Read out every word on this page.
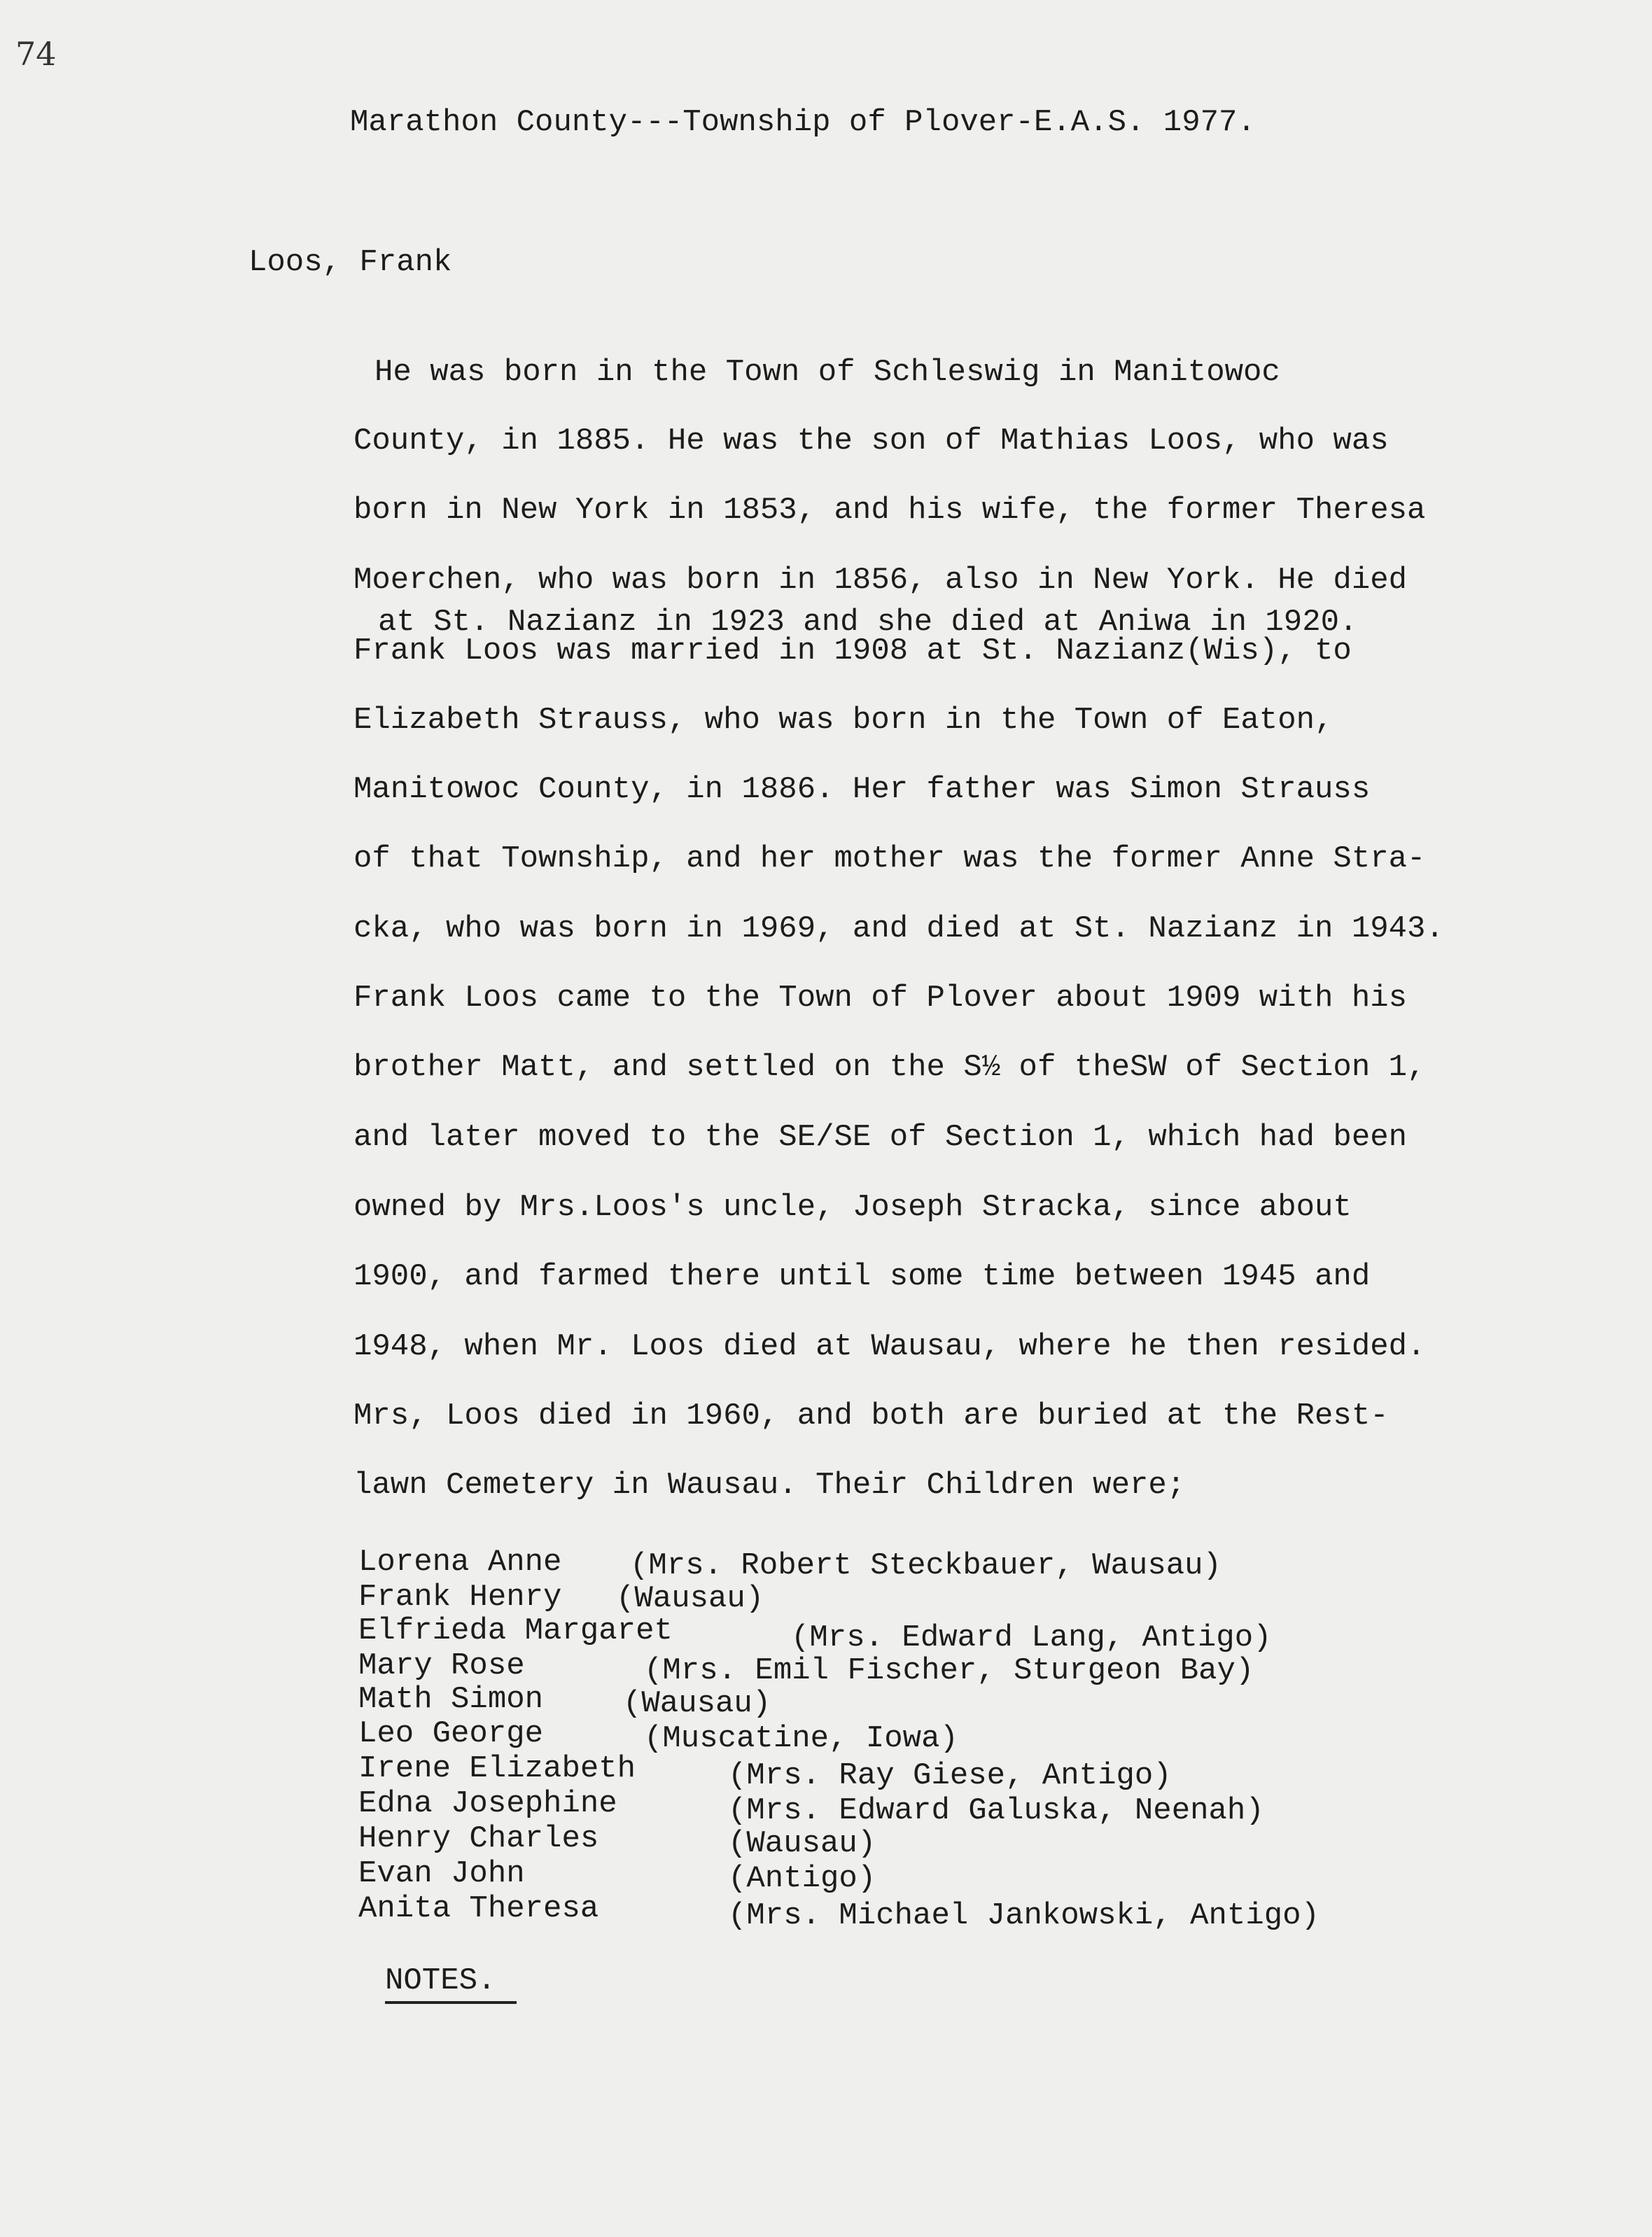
74
Marathon County---Township of Plover-E.A.S. 1977.
Loos, Frank
He was born in the Town of Schleswig in Manitowoc
County, in 1885. He was the son of Mathias Loos, who was
born in New York in 1853, and his wife, the former Theresa
Moerchen, who was born in 1856, also in New York. He died
at St. Nazianz in 1923 and she died at Aniwa in 1920.
Frank Loos was married in 1908 at St. Nazianz(Wis), to
Elizabeth Strauss, who was born in the Town of Eaton,
Manitowoc County, in 1886. Her father was Simon Strauss
of that Township, and her mother was the former Anne Stra-
cka, who was born in 1969, and died at St. Nazianz in 1943.
Frank Loos came to the Town of Plover about 1909 with his
brother Matt, and settled on the S½ of theSW of Section 1,
and later moved to the SE/SE of Section 1, which had been
owned by Mrs.Loos's uncle, Joseph Stracka, since about
1900, and farmed there until some time between 1945 and
1948, when Mr. Loos died at Wausau, where he then resided.
Mrs, Loos died in 1960, and both are buried at the Rest-
lawn Cemetery in Wausau. Their Children were;
Lorena Anne (Mrs. Robert Steckbauer, Wausau)
Frank Henry (Wausau)
Elfrieda Margaret	(Mrs. Edward Lang, Antigo)
Mary Rose	(Mrs. Emil Fischer, Sturgeon Bay)
Math Simon	(Wausau)
Leo George	(Muscatine, Iowa)
Irene Elizabeth	(Mrs. Ray Giese, Antigo)
Edna Josephine	(Mrs. Edward Galuska, Neenah)
Henry Charles	(Wausau)
Evan John	(Antigo)
Anita Theresa	(Mrs. Michael Jankowski, Antigo)
NOTES.
